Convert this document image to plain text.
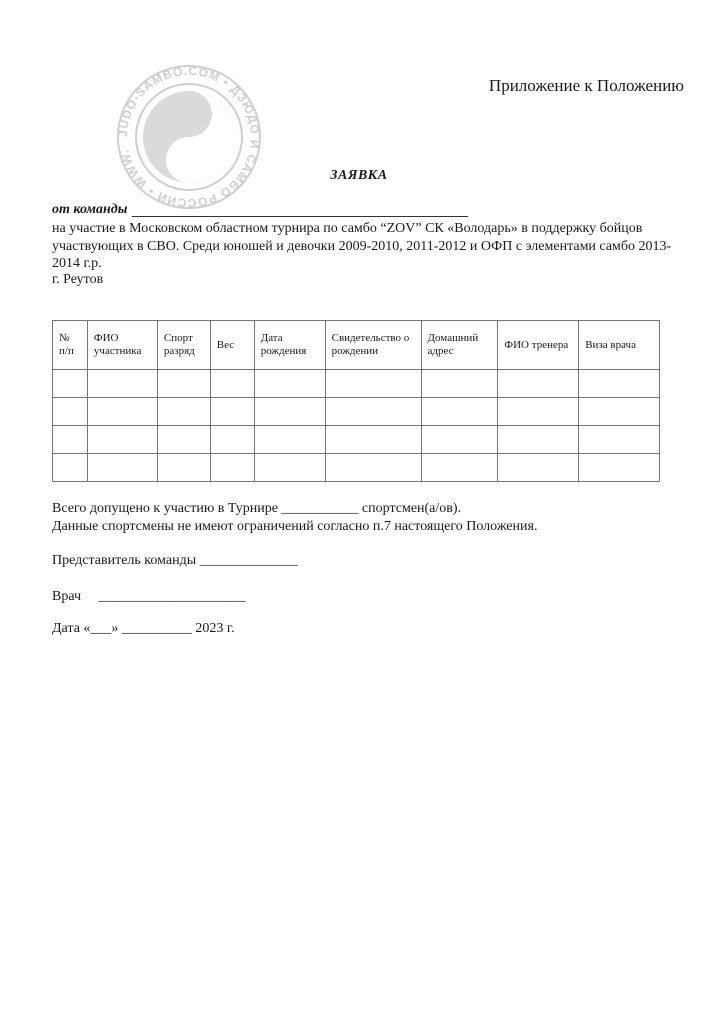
Приложение к Положению
JUDO-SAMBO.COM • ДЗЮДО И САМБО РОССИИ • WWW.
ЗАЯВКА
от команды
на участие в Московском областном турнира по самбо “ZOV” СК «Володарь» в поддержку бойцов участвующих в СВО. Среди юношей и девочки 2009-2010, 2011-2012 и ОФП с элементами самбо 2013-2014 г.р.
г. Реутов
№ п/п	ФИО участника	Спорт разряд	Вес	Дата рождения	Свидетельство о рождении	Домашний адрес	ФИО тренера	Виза врача

Всего допущено к участию в Турнире ___________ спортсмен(а/ов).
Данные спортсмены не имеют ограничений согласно п.7 настоящего Положения.
Представитель команды ______________
Врач     _____________________
Дата «___» __________ 2023 г.
